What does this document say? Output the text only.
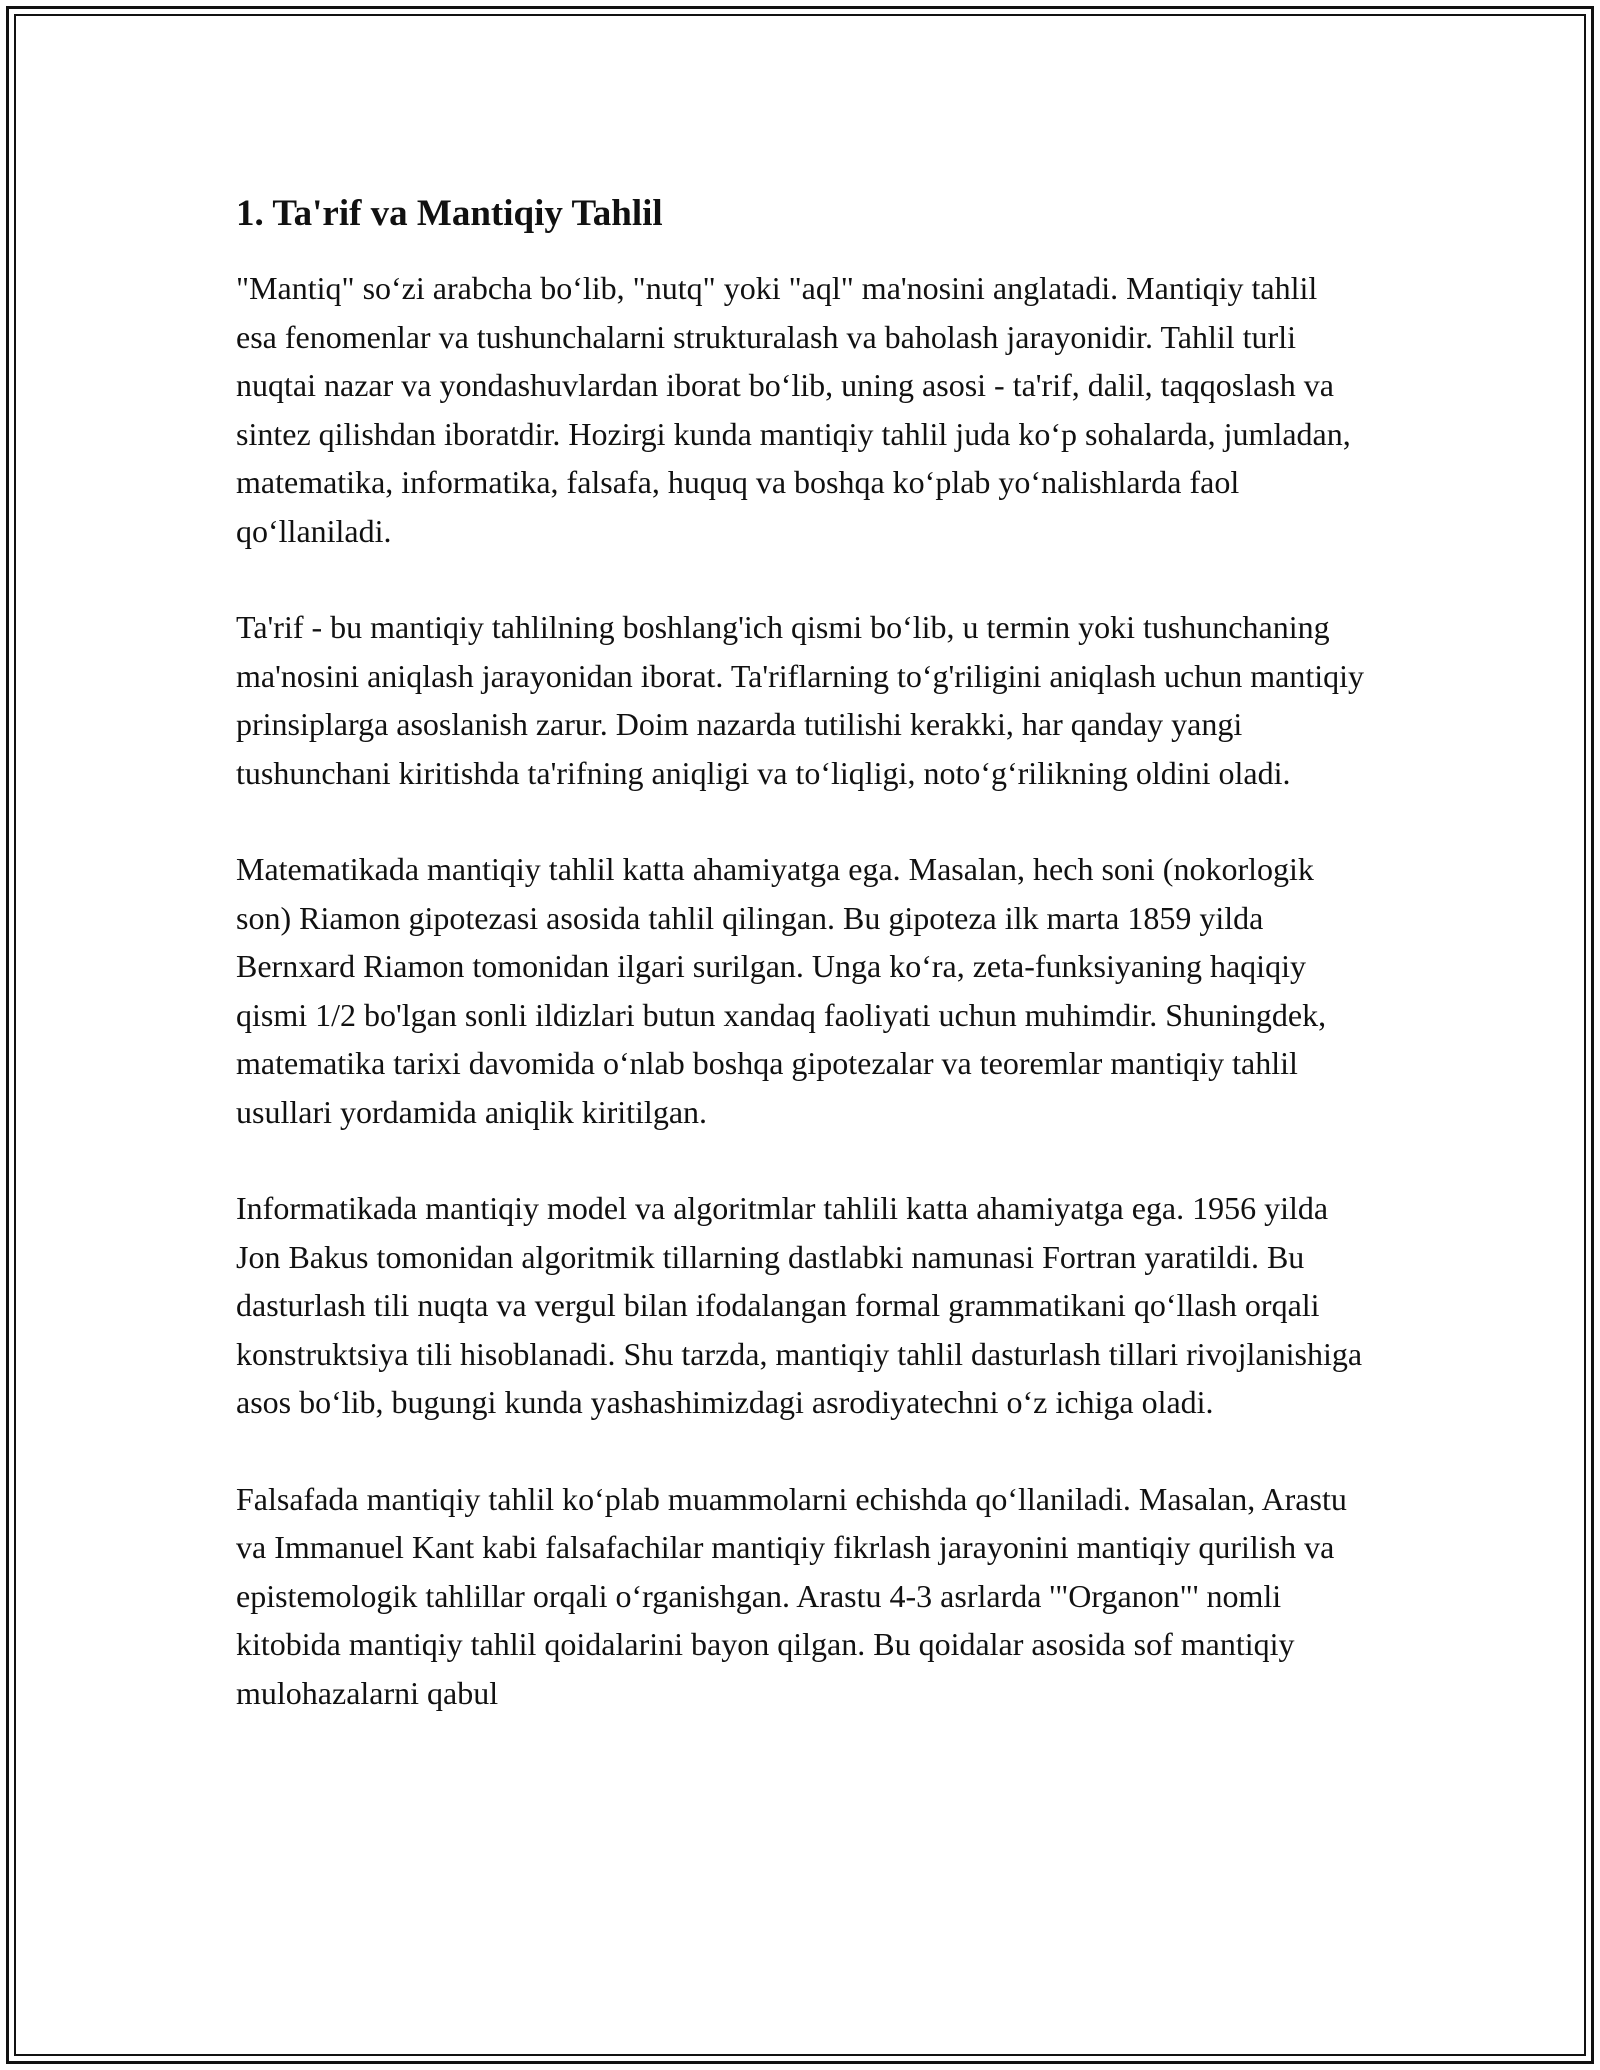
1. Ta'rif va Mantiqiy Tahlil

"Mantiq" so‘zi arabcha bo‘lib, "nutq" yoki "aql" ma'nosini anglatadi. Mantiqiy tahlil esa fenomenlar va tushunchalarni strukturalash va baholash jarayonidir. Tahlil turli nuqtai nazar va yondashuvlardan iborat bo‘lib, uning asosi - ta'rif, dalil, taqqoslash va sintez qilishdan iboratdir. Hozirgi kunda mantiqiy tahlil juda ko‘p sohalarda, jumladan, matematika, informatika, falsafa, huquq va boshqa ko‘plab yo‘nalishlarda faol qo‘llaniladi.

Ta'rif - bu mantiqiy tahlilning boshlang'ich qismi bo‘lib, u termin yoki tushunchaning ma'nosini aniqlash jarayonidan iborat. Ta'riflarning to‘g'riligini aniqlash uchun mantiqiy prinsiplarga asoslanish zarur. Doim nazarda tutilishi kerakki, har qanday yangi tushunchani kiritishda ta'rifning aniqligi va to‘liqligi, noto‘g‘rilikning oldini oladi.

Matematikada mantiqiy tahlil katta ahamiyatga ega. Masalan, hech soni (nokorlogik son) Riamon gipotezasi asosida tahlil qilingan. Bu gipoteza ilk marta 1859 yilda Bernxard Riamon tomonidan ilgari surilgan. Unga ko‘ra, zeta-funksiyaning haqiqiy qismi 1/2 bo'lgan sonli ildizlari butun xandaq faoliyati uchun muhimdir. Shuningdek, matematika tarixi davomida o‘nlab boshqa gipotezalar va teoremlar mantiqiy tahlil usullari yordamida aniqlik kiritilgan.

Informatikada mantiqiy model va algoritmlar tahlili katta ahamiyatga ega. 1956 yilda Jon Bakus tomonidan algoritmik tillarning dastlabki namunasi Fortran yaratildi. Bu dasturlash tili nuqta va vergul bilan ifodalangan formal grammatikani qo‘llash orqali konstruktsiya tili hisoblanadi. Shu tarzda, mantiqiy tahlil dasturlash tillari rivojlanishiga asos bo‘lib, bugungi kunda yashashimizdagi asrodiyatechni o‘z ichiga oladi.

Falsafada mantiqiy tahlil ko‘plab muammolarni echishda qo‘llaniladi. Masalan, Arastu va Immanuel Kant kabi falsafachilar mantiqiy fikrlash jarayonini mantiqiy qurilish va epistemologik tahlillar orqali o‘rganishgan. Arastu 4-3 asrlarda '"Organon"' nomli kitobida mantiqiy tahlil qoidalarini bayon qilgan. Bu qoidalar asosida sof mantiqiy mulohazalarni qabul
